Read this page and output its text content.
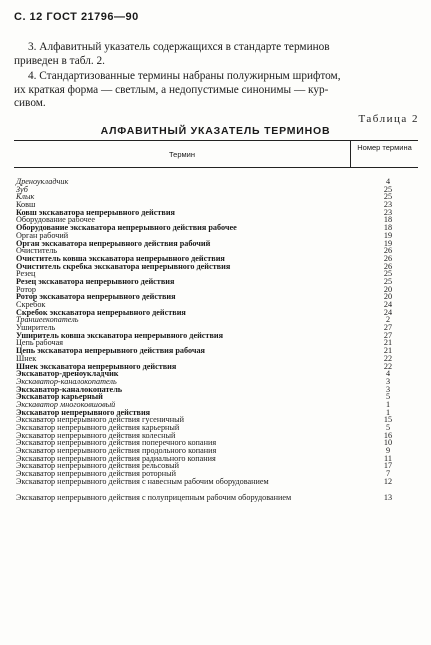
С. 12 ГОСТ 21796—90
3. Алфавитный указатель содержащихся в стандарте терминов
приведен в табл. 2.
4. Стандартизованные термины набраны полужирным шрифтом,
их краткая форма — светлым, а недопустимые синонимы — кур-
сивом.
Таблица 2
АЛФАВИТНЫЙ УКАЗАТЕЛЬ ТЕРМИНОВ
Термин
Номер термина
Дреноукладчик	4
Зуб	25
Клык	25
Ковш	23
Ковш экскаватора непрерывного действия	23
Оборудование рабочее	18
Оборудование экскаватора непрерывного действия рабочее	18
Орган рабочий	19
Орган экскаватора непрерывного действия рабочий	19
Очиститель	26
Очиститель ковша экскаватора непрерывного действия	26
Очиститель скребка экскаватора непрерывного действия	26
Резец	25
Резец экскаватора непрерывного действия	25
Ротор	20
Ротор экскаватора непрерывного действия	20
Скребок	24
Скребок экскаватора непрерывного действия	24
Траншеекопатель	2
Уширитель	27
Уширитель ковша экскаватора непрерывного действия	27
Цепь рабочая	21
Цепь экскаватора непрерывного действия рабочая	21
Шнек	22
Шнек экскаватора непрерывного действия	22
Экскаватор-дреноукладчик	4
Экскаватор-каналокопатель	3
Экскаватор-каналокопатель	3
Экскаватор карьерный	5
Экскаватор многоковшовый	1
Экскаватор непрерывного действия	1
Экскаватор непрерывного действия гусеничный	15
Экскаватор непрерывного действия карьерный	5
Экскаватор непрерывного действия колесный	16
Экскаватор непрерывного действия поперечного копания	10
Экскаватор непрерывного действия продольного копания	9
Экскаватор непрерывного действия радиального копания	11
Экскаватор непрерывного действия рельсовый	17
Экскаватор непрерывного действия роторный	7
Экскаватор непрерывного действия с навесным рабочим оборудованием	12
Экскаватор непрерывного действия с полуприцепным рабочим оборудованием	13
